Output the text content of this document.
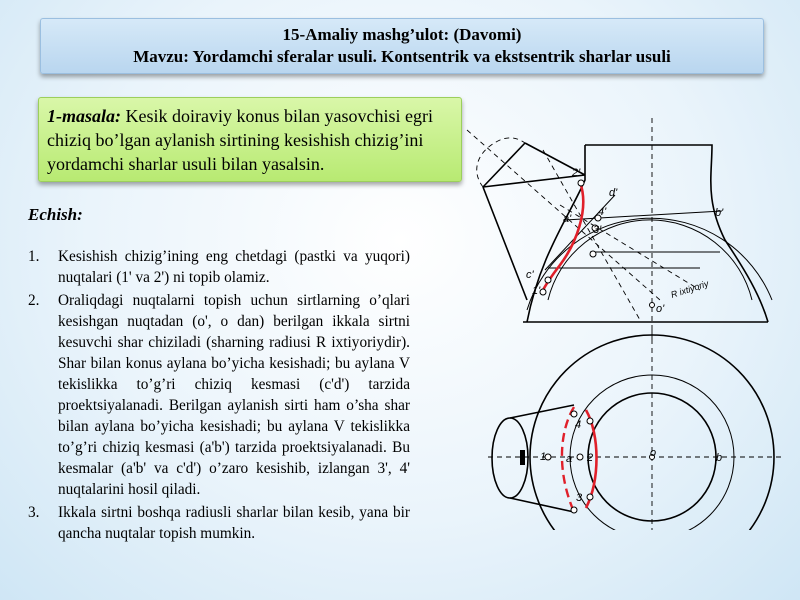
15-Amaliy mashg’ulot: (Davomi)
Mavzu: Yordamchi sferalar usuli. Kontsentrik va ekstsentrik sharlar usuli
1-masala: Kesik doiraviy konus bilan yasovchisi egri chiziq bo’lgan aylanish sirtining kesishish chizig’ini yordamchi sharlar usuli bilan yasalsin.
Echish:
1. Kesishish chizig’ining eng chetdagi (pastki va yuqori) nuqtalari (1' va 2') ni topib olamiz.
2. Oraliqdagi nuqtalarni topish uchun sirtlarning o’qlari kesishgan nuqtadan (o', o dan) berilgan ikkala sirtni kesuvchi shar chiziladi (sharning radiusi R ixtiyoriydir). Shar bilan konus aylana bo’yicha kesishadi; bu aylana V tekislikka to’g’ri chiziq kesmasi (c'd') tarzida proektsiyalanadi. Berilgan aylanish sirti ham o’sha shar bilan aylana bo’yicha kesishadi; bu aylana V tekislikka to’g’ri chiziq kesmasi (a'b') tarzida proektsiyalanadi. Bu kesmalar (a'b' va c'd') o’zaro kesishib, izlangan 3', 4' nuqtalarini hosil qiladi.
3. Ikkala sirtni boshqa radiusli sharlar bilan kesib, yana bir qancha nuqtalar topish mumkin.
2'
d'
a'
4'
3'
b'
c'
1'
o'
R ixtiyoriy
4
1 a 2	o	b
3
